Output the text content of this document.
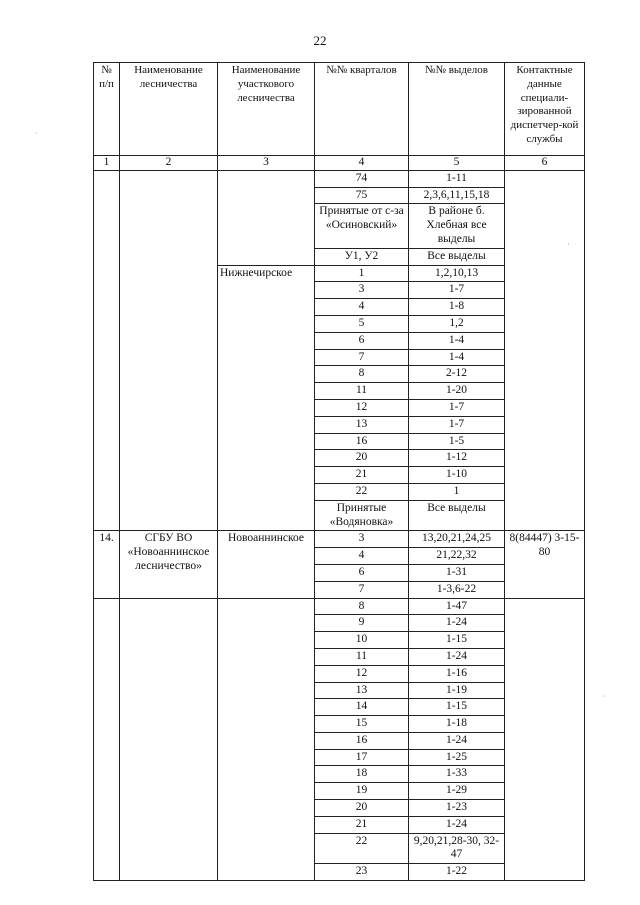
22
№ п/п	Наименование лесничества	Наименование участкового лесничества	№№ кварталов	№№ выделов	Контактные данные специали-зированной диспетчер-кой службы
1	2	3	4	5	6
			74	1-11	
			75	2,3,6,11,15,18	
			Принятые от с-за «Осиновский»	В районе б. Хлебная все выделы	
			У1, У2	Все выделы	
		Нижнечирское	1	1,2,10,13	
			3	1-7	
			4	1-8	
			5	1,2	
			6	1-4	
			7	1-4	
			8	2-12	
			11	1-20	
			12	1-7	
			13	1-7	
			16	1-5	
			20	1-12	
			21	1-10	
			22	1	
			Принятые «Водяновка»	Все выделы	
14.	СГБУ ВО «Новоаннинское лесничество»	Новоаннинское	3	13,20,21,24,25	8(84447) 3-15-80
			4	21,22,32	
			6	1-31	
			7	1-3,6-22	
			8	1-47	
			9	1-24	
			10	1-15	
			11	1-24	
			12	1-16	
			13	1-19	
			14	1-15	
			15	1-18	
			16	1-24	
			17	1-25	
			18	1-33	
			19	1-29	
			20	1-23	
			21	1-24	
			22	9,20,21,28-30, 32-47	
			23	1-22	
·
·
·
